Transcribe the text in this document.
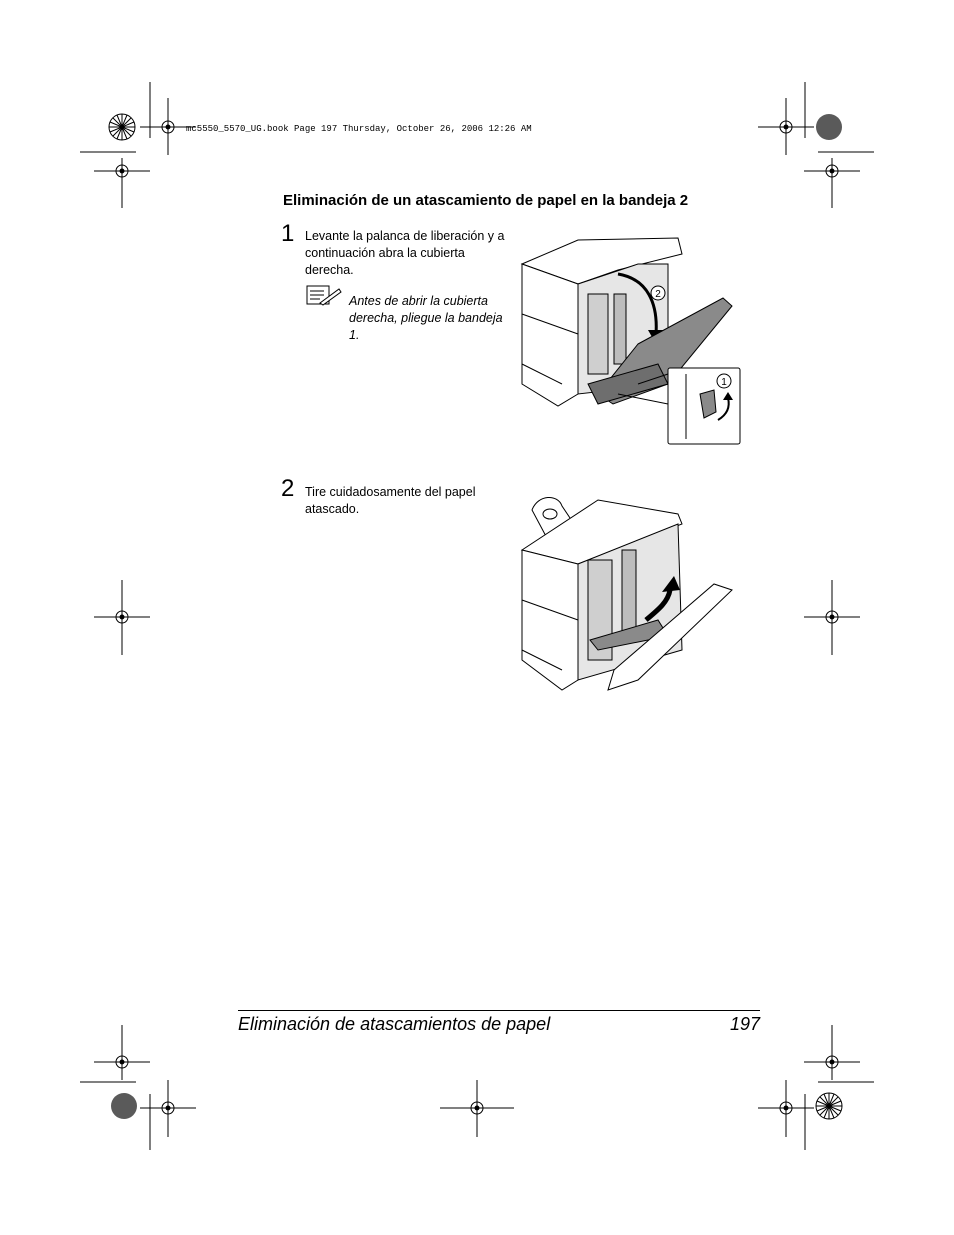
mc5550_5570_UG.book Page 197 Thursday, October 26, 2006 12:26 AM
Eliminación de un atascamiento de papel en la bandeja 2
1 Levante la palanca de liberación y a continuación abra la cubierta derecha.
Antes de abrir la cubierta derecha, pliegue la bandeja 1.
2
1
2 Tire cuidadosamente del papel atascado.
Eliminación de atascamientos de papel	197
